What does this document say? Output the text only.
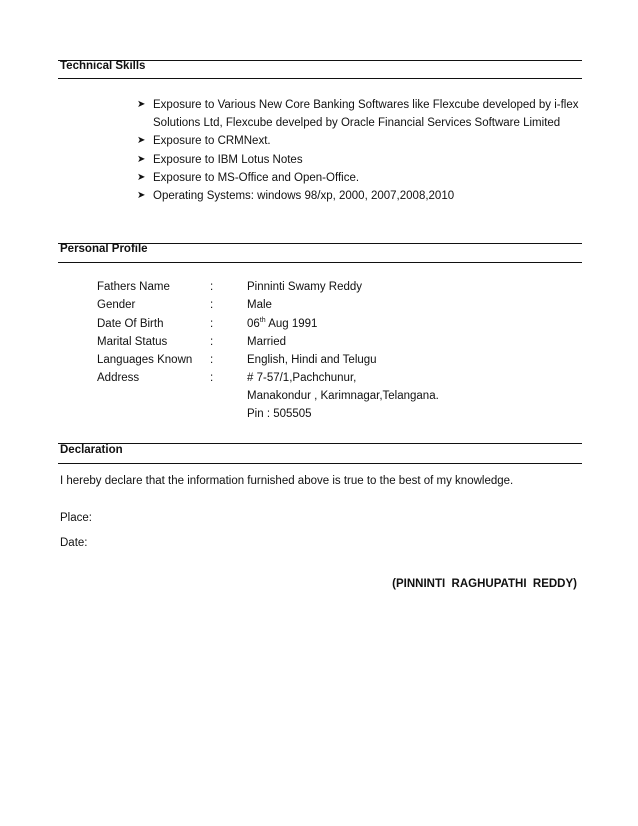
Technical Skills
➤ Exposure to Various New Core Banking Softwares like Flexcube developed by i-flex Solutions Ltd, Flexcube develped by Oracle Financial Services Software Limited
➤ Exposure to CRMNext.
➤ Exposure to IBM Lotus Notes
➤ Exposure to MS-Office and Open-Office.
➤ Operating Systems: windows 98/xp, 2000, 2007,2008,2010
Personal Profile
Fathers Name	:	Pinninti Swamy Reddy
Gender	:	Male
Date Of Birth	:	06th Aug 1991
Marital Status	:	Married
Languages Known :	English, Hindi and Telugu
Address	:	# 7-57/1,Pachchunur,
Manakondur , Karimnagar,Telangana.
Pin : 505505
Declaration
I hereby declare that the information furnished above is true to the best of my knowledge.
Place:
Date:
(PINNINTI  RAGHUPATHI  REDDY)
